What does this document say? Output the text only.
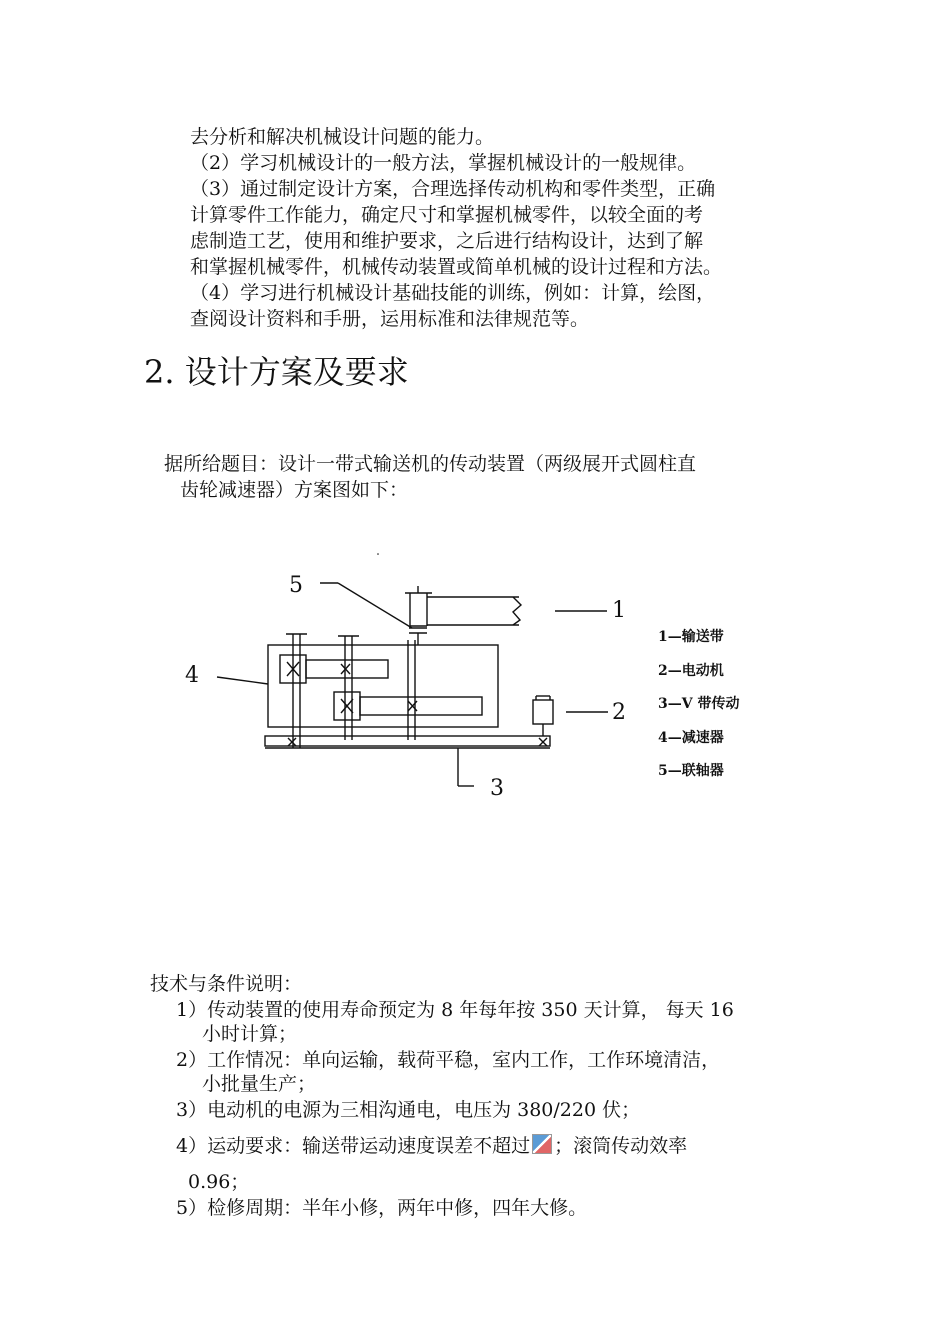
去分析和解决机械设计问题的能力。
（2）学习机械设计的一般方法，掌握机械设计的一般规律。
（3）通过制定设计方案，合理选择传动机构和零件类型，正确
计算零件工作能力，确定尺寸和掌握机械零件，以较全面的考
虑制造工艺，使用和维护要求，之后进行结构设计，达到了解
和掌握机械零件，机械传动装置或简单机械的设计过程和方法。
（4）学习进行机械设计基础技能的训练，例如：计算，绘图，
查阅设计资料和手册，运用标准和法律规范等。
2. 设计方案及要求
据所给题目：设计一带式输送机的传动装置（两级展开式圆柱直
齿轮减速器）方案图如下：
5
1
4
2
3
1—输送带
2—电动机
3—V 带传动
4—减速器
5—联轴器
技术与条件说明：
1）传动装置的使用寿命预定为 8 年每年按 350 天计算， 每天 16
小时计算；
2）工作情况：单向运输，载荷平稳，室内工作，工作环境清洁，
小批量生产；
3）电动机的电源为三相沟通电，电压为 380/220 伏；
4）运动要求：输送带运动速度误差不超过 ；滚筒传动效率
0.96；
5）检修周期：半年小修，两年中修，四年大修。
